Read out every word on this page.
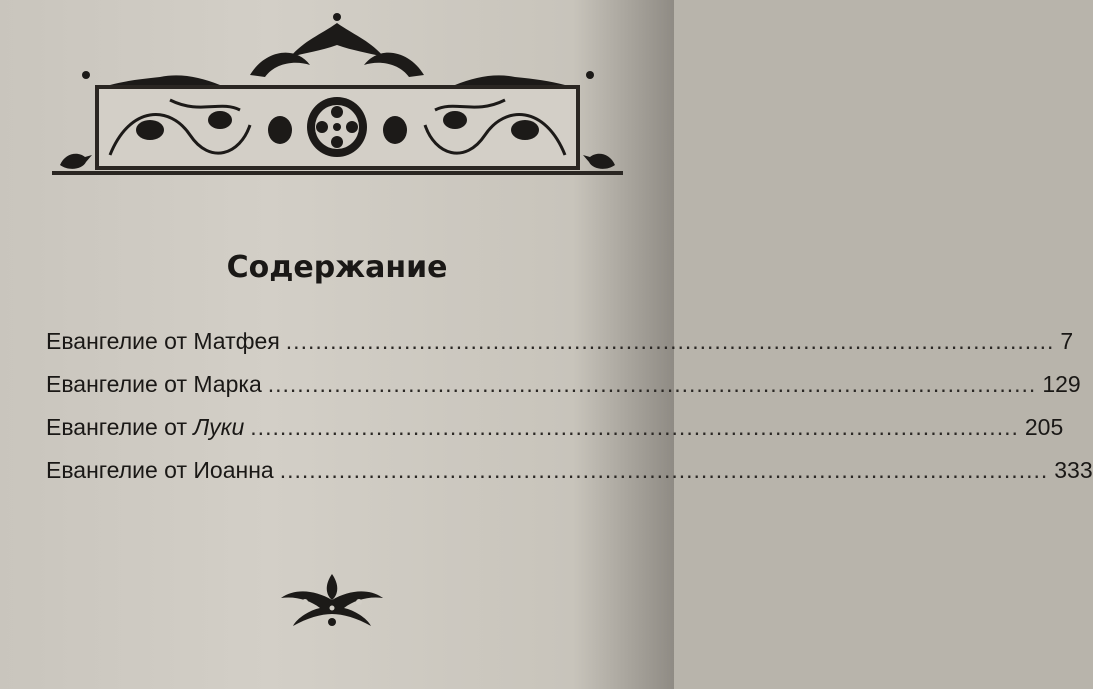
Содержание
Евангелие от Матфея ........................................................................................................ 7
Евангелие от Марка ........................................................................................................ 129
Евангелие от Луки ........................................................................................................ 205
Евангелие от Иоанна ........................................................................................................ 333
